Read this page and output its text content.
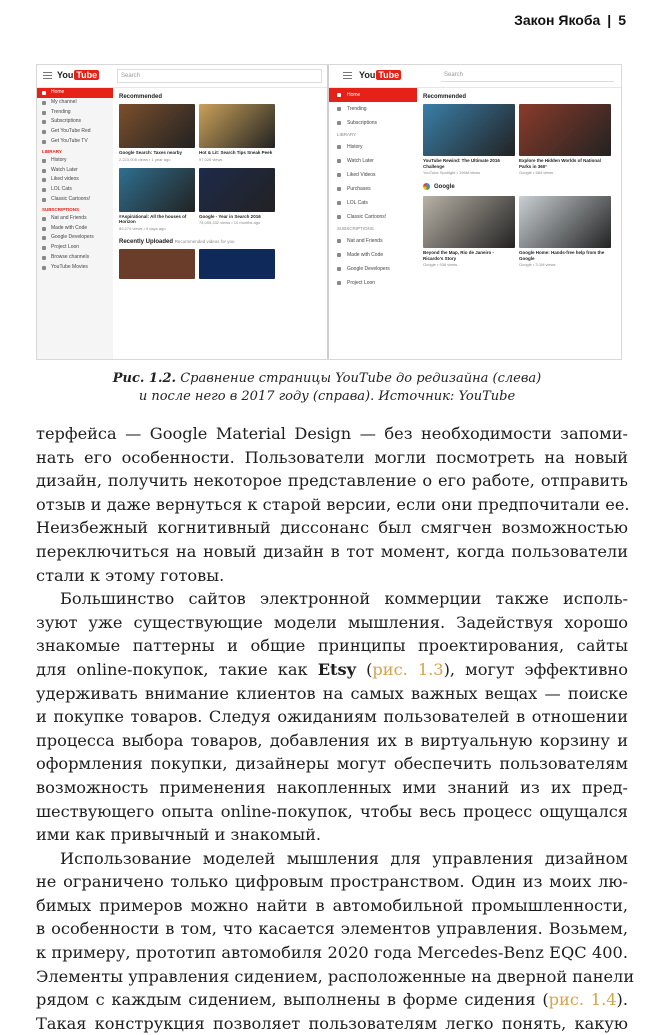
Закон Якоба | 5
You Tube	Search
Home
My channel
Trending
Subscriptions
Get YouTube Red
Get YouTube TV
LIBRARY
History
Watch Later
Liked videos
LOL Cats
Classic Cartoons!
SUBSCRIPTIONS
Nat and Friends
Made with Code
Google Developers
Project Loon
Browse channels
YouTube Movies
Recommended
Google Search: Taxes nearby
2,223,008 views • 1 year ago
Hot & Lit: Search Tips Sneak Peek
97,026 views
#Aspirational: All the houses of Horizon
89,274 views • 9 days ago
Google - Year in Search 2016
74,055,332 views • 10 months ago
Recently Uploaded Recommended videos for you
You Tube	Search
Home
Trending
Subscriptions
LIBRARY
History
Watch Later
Liked Videos
Purchases
LOL Cats
Classic Cartoons!
SUBSCRIPTIONS
Nat and Friends
Made with Code
Google Developers
Project Loon
Recommended
YouTube Rewind: The Ultimate 2016 Challenge
YouTube Spotlight • 196M views
Explore the Hidden Worlds of National Parks in 360°
Google • 584 views
Google
Beyond the Map, Rio de Janeiro - Ricardo's Story
Google • 936 views
Google Home: Hands-free help from the Google
Google • 3.1M views
Рис. 1.2. Сравнение страницы YouTube до редизайна (слева)
и после него в 2017 году (справа). Источник: YouTube

терфейса — Google Material Design — без необходимости запоми-
нать его особенности. Пользователи могли посмотреть на новый
дизайн, получить некоторое представление о его работе, отправить
отзыв и даже вернуться к старой версии, если они предпочитали ее.
Неизбежный когнитивный диссонанс был смягчен возможностью
переключиться на новый дизайн в тот момент, когда пользователи
стали к этому готовы.

Большинство сайтов электронной коммерции также исполь-
зуют уже существующие модели мышления. Задействуя хорошо
знакомые паттерны и общие принципы проектирования, сайты
для online-покупок, такие как Etsy (рис. 1.3), могут эффективно
удерживать внимание клиентов на самых важных вещах — поиске
и покупке товаров. Следуя ожиданиям пользователей в отношении
процесса выбора товаров, добавления их в виртуальную корзину и
оформления покупки, дизайнеры могут обеспечить пользователям
возможность применения накопленных ими знаний из их пред-
шествующего опыта online-покупок, чтобы весь процесс ощущался
ими как привычный и знакомый.

Использование моделей мышления для управления дизайном
не ограничено только цифровым пространством. Один из моих лю-
бимых примеров можно найти в автомобильной промышленности,
в особенности в том, что касается элементов управления. Возьмем,
к примеру, прототип автомобиля 2020 года Mercedes-Benz EQC 400.
Элементы управления сидением, расположенные на дверной панели
рядом с каждым сидением, выполнены в форме сидения (рис. 1.4).
Такая конструкция позволяет пользователям легко понять, какую
